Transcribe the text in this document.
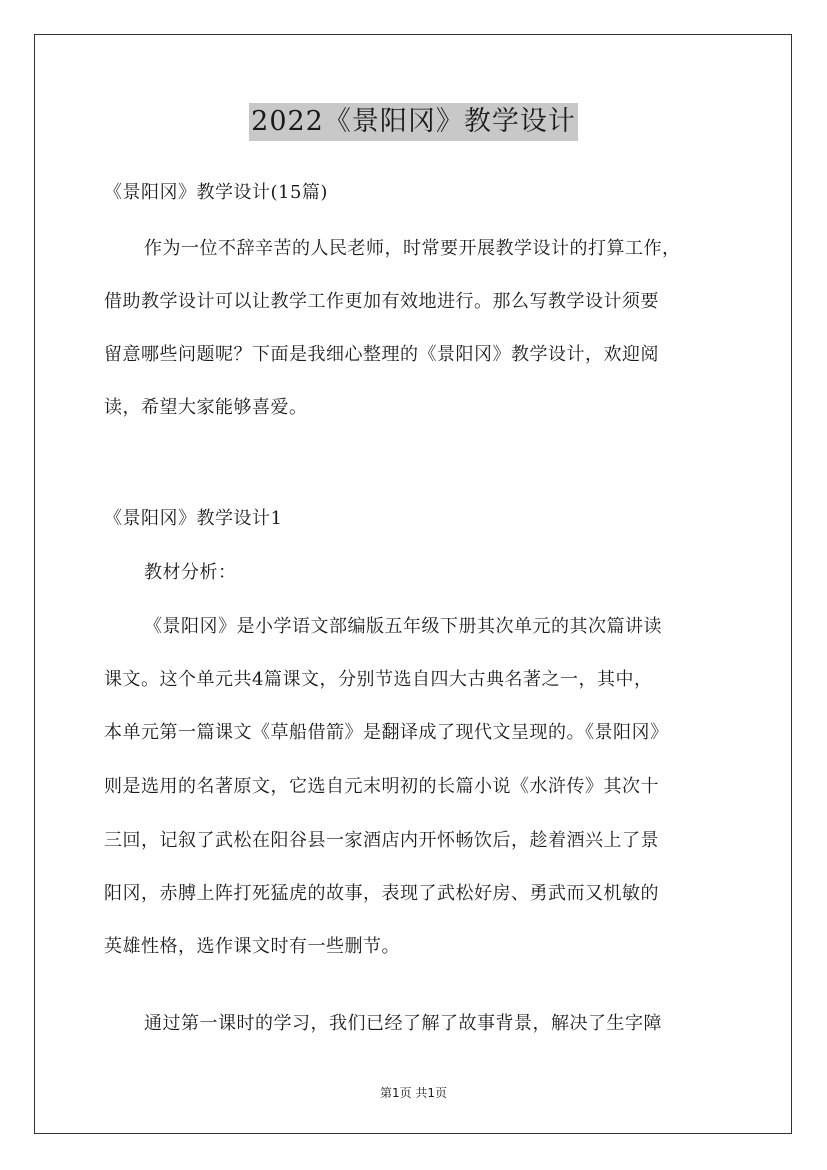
2022《景阳冈》教学设计
《景阳冈》教学设计(15篇)
作为一位不辞辛苦的人民老师，时常要开展教学设计的打算工作，
借助教学设计可以让教学工作更加有效地进行。那么写教学设计须要
留意哪些问题呢？下面是我细心整理的《景阳冈》教学设计，欢迎阅
读，希望大家能够喜爱。
《景阳冈》教学设计1
教材分析：
《景阳冈》是小学语文部编版五年级下册其次单元的其次篇讲读
课文。这个单元共4篇课文，分别节选自四大古典名著之一，其中，
本单元第一篇课文《草船借箭》是翻译成了现代文呈现的。《景阳冈》
则是选用的名著原文，它选自元末明初的长篇小说《水浒传》其次十
三回，记叙了武松在阳谷县一家酒店内开怀畅饮后，趁着酒兴上了景
阳冈，赤膊上阵打死猛虎的故事，表现了武松好房、勇武而又机敏的
英雄性格，选作课文时有一些删节。
通过第一课时的学习，我们已经了解了故事背景，解决了生字障
第1页 共1页
